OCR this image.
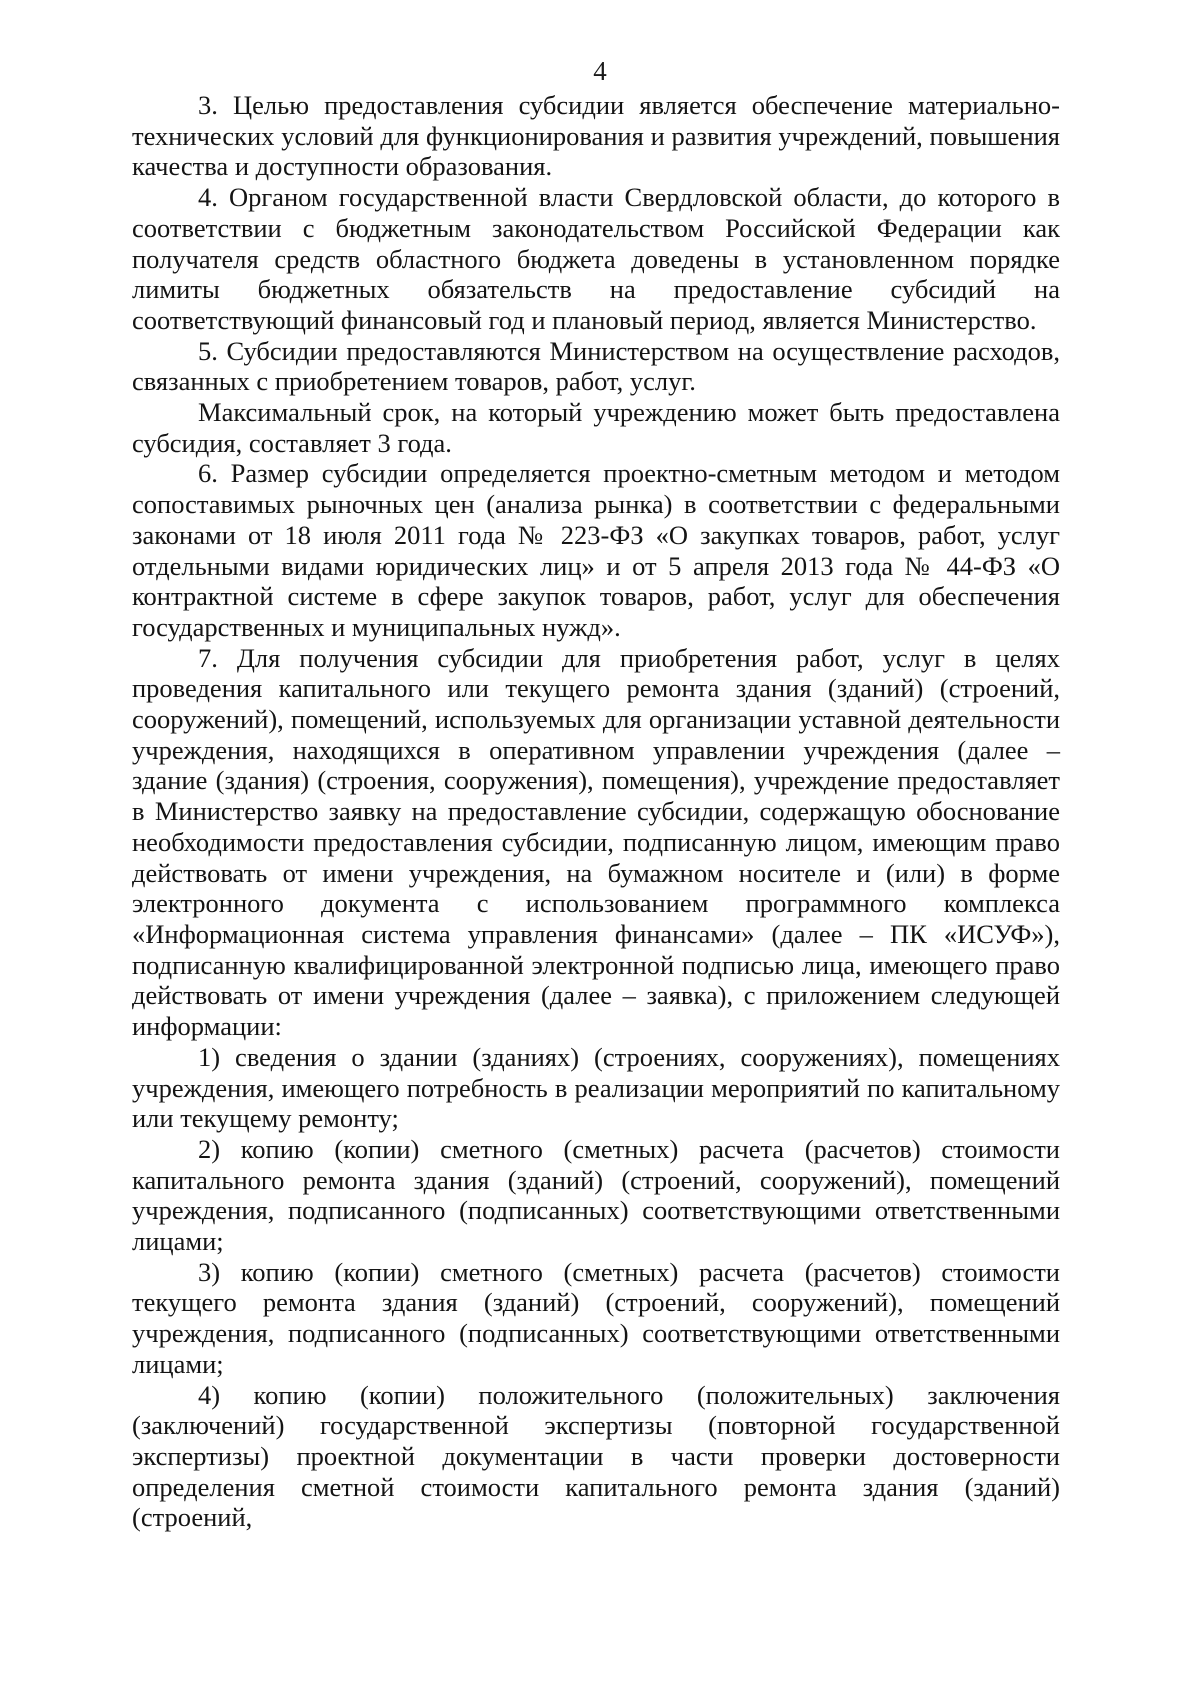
4

3. Целью предоставления субсидии является обеспечение материально-технических условий для функционирования и развития учреждений, повышения качества и доступности образования.

4. Органом государственной власти Свердловской области, до которого в соответствии с бюджетным законодательством Российской Федерации как получателя средств областного бюджета доведены в установленном порядке лимиты бюджетных обязательств на предоставление субсидий на соответствующий финансовый год и плановый период, является Министерство.

5. Субсидии предоставляются Министерством на осуществление расходов, связанных с приобретением товаров, работ, услуг.

Максимальный срок, на который учреждению может быть предоставлена субсидия, составляет 3 года.

6. Размер субсидии определяется проектно-сметным методом и методом сопоставимых рыночных цен (анализа рынка) в соответствии с федеральными законами от 18 июля 2011 года № 223-ФЗ «О закупках товаров, работ, услуг отдельными видами юридических лиц» и от 5 апреля 2013 года № 44-ФЗ «О контрактной системе в сфере закупок товаров, работ, услуг для обеспечения государственных и муниципальных нужд».

7. Для получения субсидии для приобретения работ, услуг в целях проведения капитального или текущего ремонта здания (зданий) (строений, сооружений), помещений, используемых для организации уставной деятельности учреждения, находящихся в оперативном управлении учреждения (далее – здание (здания) (строения, сооружения), помещения), учреждение предоставляет в Министерство заявку на предоставление субсидии, содержащую обоснование необходимости предоставления субсидии, подписанную лицом, имеющим право действовать от имени учреждения, на бумажном носителе и (или) в форме электронного документа с использованием программного комплекса «Информационная система управления финансами» (далее – ПК «ИСУФ»), подписанную квалифицированной электронной подписью лица, имеющего право действовать от имени учреждения (далее – заявка), с приложением следующей информации:

1) сведения о здании (зданиях) (строениях, сооружениях), помещениях учреждения, имеющего потребность в реализации мероприятий по капитальному или текущему ремонту;

2) копию (копии) сметного (сметных) расчета (расчетов) стоимости капитального ремонта здания (зданий) (строений, сооружений), помещений учреждения, подписанного (подписанных) соответствующими ответственными лицами;

3) копию (копии) сметного (сметных) расчета (расчетов) стоимости текущего ремонта здания (зданий) (строений, сооружений), помещений учреждения, подписанного (подписанных) соответствующими ответственными лицами;

4) копию (копии) положительного (положительных) заключения (заключений) государственной экспертизы (повторной государственной экспертизы) проектной документации в части проверки достоверности определения сметной стоимости капитального ремонта здания (зданий) (строений,
